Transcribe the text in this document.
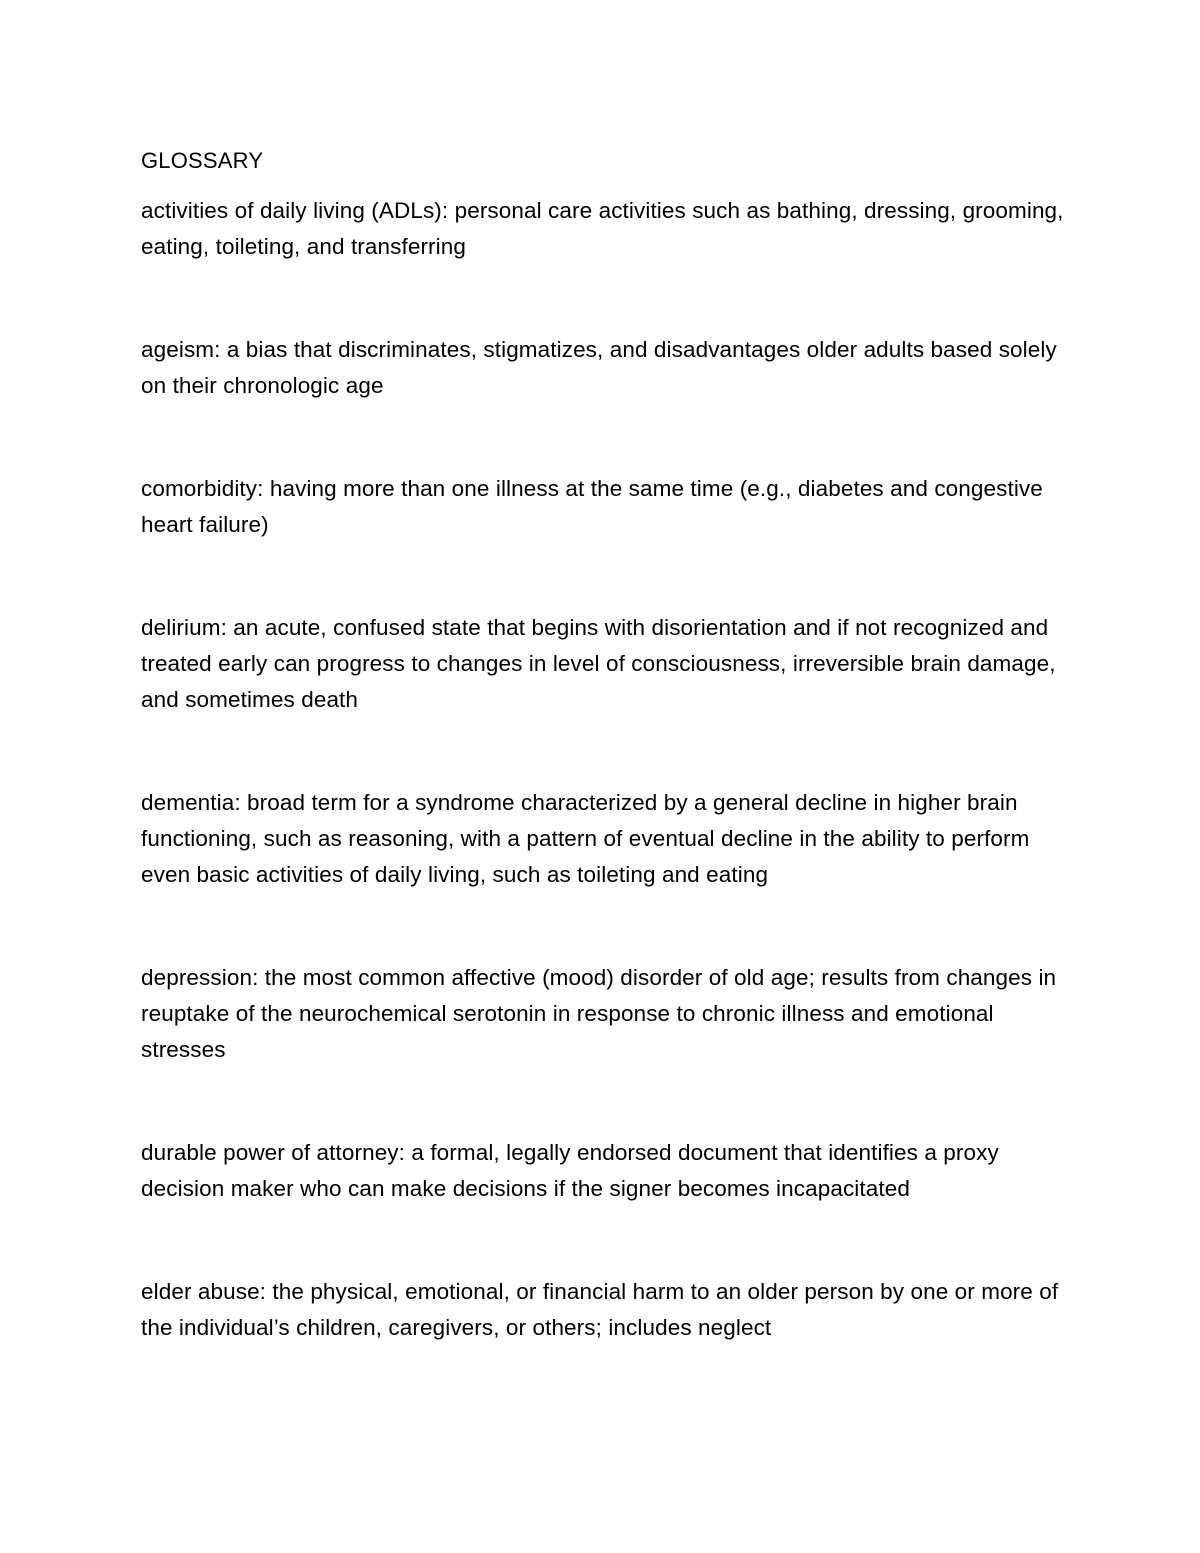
GLOSSARY

activities of daily living (ADLs): personal care activities such as bathing, dressing, grooming, eating, toileting, and transferring

ageism: a bias that discriminates, stigmatizes, and disadvantages older adults based solely on their chronologic age

comorbidity: having more than one illness at the same time (e.g., diabetes and congestive heart failure)

delirium: an acute, confused state that begins with disorientation and if not recognized and treated early can progress to changes in level of consciousness, irreversible brain damage, and sometimes death

dementia: broad term for a syndrome characterized by a general decline in higher brain functioning, such as reasoning, with a pattern of eventual decline in the ability to perform even basic activities of daily living, such as toileting and eating

depression: the most common affective (mood) disorder of old age; results from changes in reuptake of the neurochemical serotonin in response to chronic illness and emotional stresses

durable power of attorney: a formal, legally endorsed document that identifies a proxy decision maker who can make decisions if the signer becomes incapacitated

elder abuse: the physical, emotional, or financial harm to an older person by one or more of the individual’s children, caregivers, or others; includes neglect
